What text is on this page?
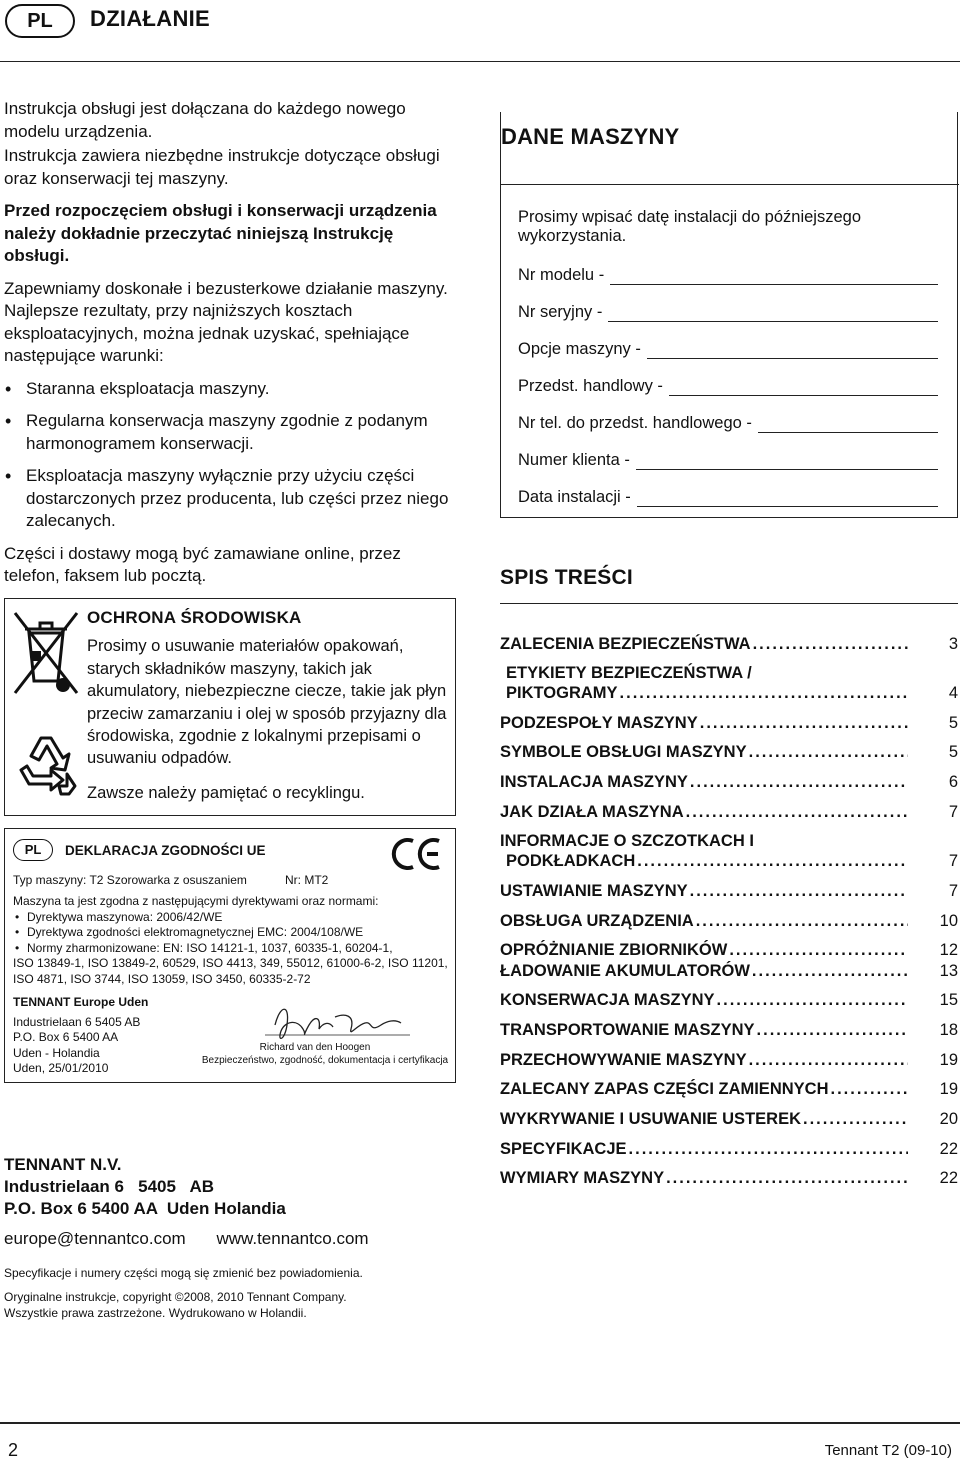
PL	DZIAŁANIE

Instrukcja obsługi jest dołączana do każdego nowego modelu urządzenia.

Instrukcja zawiera niezbędne instrukcje dotyczące obsługi oraz konserwacji tej maszyny.

Przed rozpoczęciem obsługi i konserwacji urządzenia należy dokładnie przeczytać niniejszą Instrukcję obsługi.

Zapewniamy doskonałe i bezusterkowe działanie maszyny. Najlepsze rezultaty, przy najniższych kosztach eksploatacyjnych, można jednak uzyskać, spełniające następujące warunki:

• Staranna eksploatacja maszyny.
• Regularna konserwacja maszyny zgodnie z podanym harmonogramem konserwacji.
• Eksploatacja maszyny wyłącznie przy użyciu części dostarczonych przez producenta, lub części przez niego zalecanych.

Części i dostawy mogą być zamawiane online, przez telefon, faksem lub pocztą.

OCHRONA ŚRODOWISKA
Prosimy o usuwanie materiałów opakowań, starych składników maszyny, takich jak akumulatory, niebezpieczne ciecze, takie jak płyn przeciw zamarzaniu i olej w sposób przyjazny dla środowiska, zgodnie z lokalnymi przepisami o usuwaniu odpadów.
Zawsze należy pamiętać o recyklingu.
PL	DEKLARACJA ZGODNOŚCI UE
Typ maszyny: T2 Szorowarka z osuszaniem	Nr: MT2
Maszyna ta jest zgodna z następującymi dyrektywami oraz normami:
• Dyrektywa maszynowa: 2006/42/WE
• Dyrektywa zgodności elektromagnetycznej EMC: 2004/108/WE
• Normy zharmonizowane: EN: ISO 14121-1, 1037, 60335-1, 60204-1,
ISO 13849-1, ISO 13849-2, 60529, ISO 4413, 349, 55012, 61000-6-2, ISO 11201, ISO 4871, ISO 3744, ISO 13059, ISO 3450, 60335-2-72
TENNANT Europe Uden
Industrielaan 6 5405 AB
P.O. Box 6 5400 AA
Uden - Holandia
Uden, 25/01/2010
Richard van den Hoogen
Bezpieczeństwo, zgodność, dokumentacja i certyfikacja
TENNANT N.V.
Industrielaan 6   5405   AB
P.O. Box 6 5400 AA  Uden Holandia
europe@tennantco.com www.tennantco.com
Specyfikacje i numery części mogą się zmienić bez powiadomienia.
Oryginalne instrukcje, copyright ©2008, 2010 Tennant Company.
Wszystkie prawa zastrzeżone. Wydrukowano w Holandii.
DANE MASZYNY
Prosimy wpisać datę instalacji do późniejszego wykorzystania.
Nr modelu -
Nr seryjny -
Opcje maszyny -
Przedst. handlowy -
Nr tel. do przedst. handlowego -
Numer klienta -
Data instalacji -
SPIS TREŚCI
ZALECENIA BEZPIECZEŃSTWA .....	3
ETYKIETY BEZPIECZEŃSTWA /
PIKTOGRAMY .....	4
PODZESPOŁY MASZYNY .....	5
SYMBOLE OBSŁUGI MASZYNY .....	5
INSTALACJA MASZYNY .....	6
JAK DZIAŁA MASZYNA .....	7
INFORMACJE O SZCZOTKACH I
PODKŁADKACH .....	7
USTAWIANIE MASZYNY .....	7
OBSŁUGA URZĄDZENIA .....	10
OPRÓŻNIANIE ZBIORNIKÓW .....	12
ŁADOWANIE AKUMULATORÓW .....	13
KONSERWACJA MASZYNY .....	15
TRANSPORTOWANIE MASZYNY .....	18
PRZECHOWYWANIE MASZYNY .....	19
ZALECANY ZAPAS CZĘŚCI ZAMIENNYCH .....	19
WYKRYWANIE I USUWANIE USTEREK .....	20
SPECYFIKACJE .....	22
WYMIARY MASZYNY .....	22
2	Tennant T2 (09-10)
